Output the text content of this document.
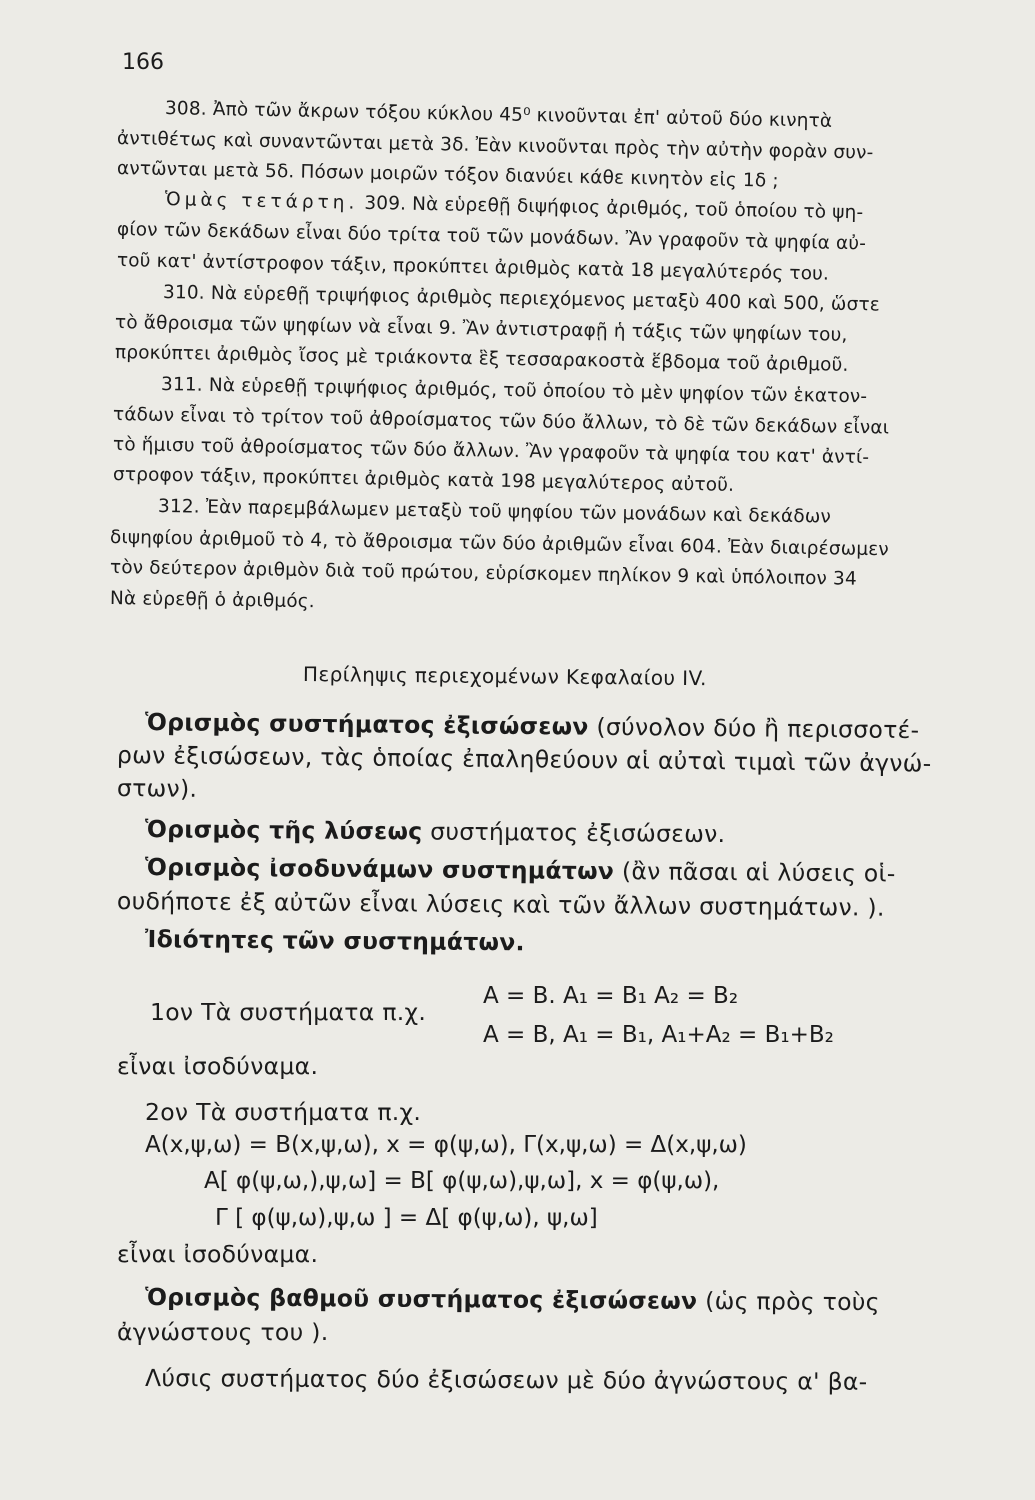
166
308. Ἀπὸ τῶν ἄκρων τόξου κύκλου 45⁰ κινοῦνται ἐπ' αὐτοῦ δύο κινητὰ
ἀντιθέτως καὶ συναντῶνται μετὰ 3δ. Ἐὰν κινοῦνται πρὸς τὴν αὐτὴν φορὰν συν-
αντῶνται μετὰ 5δ. Πόσων μοιρῶν τόξον διανύει κάθε κινητὸν εἰς 1δ ;
Ὁμὰς τετάρτη. 309. Νὰ εὑρεθῇ διψήφιος ἀριθμός, τοῦ ὁποίου τὸ ψη-
φίον τῶν δεκάδων εἶναι δύο τρίτα τοῦ τῶν μονάδων. Ἂν γραφοῦν τὰ ψηφία αὐ-
τοῦ κατ' ἀντίστροφον τάξιν, προκύπτει ἀριθμὸς κατὰ 18 μεγαλύτερός του.
310. Νὰ εὑρεθῇ τριψήφιος ἀριθμὸς περιεχόμενος μεταξὺ 400 καὶ 500, ὥστε
τὸ ἄθροισμα τῶν ψηφίων νὰ εἶναι 9. Ἂν ἀντιστραφῇ ἡ τάξις τῶν ψηφίων του,
προκύπτει ἀριθμὸς ἴσος μὲ τριάκοντα ἓξ τεσσαρακοστὰ ἕβδομα τοῦ ἀριθμοῦ.
311. Νὰ εὑρεθῇ τριψήφιος ἀριθμός, τοῦ ὁποίου τὸ μὲν ψηφίον τῶν ἑκατον-
τάδων εἶναι τὸ τρίτον τοῦ ἀθροίσματος τῶν δύο ἄλλων, τὸ δὲ τῶν δεκάδων εἶναι
τὸ ἥμισυ τοῦ ἀθροίσματος τῶν δύο ἄλλων. Ἂν γραφοῦν τὰ ψηφία του κατ' ἀντί-
στροφον τάξιν, προκύπτει ἀριθμὸς κατὰ 198 μεγαλύτερος αὐτοῦ.
312. Ἐὰν παρεμβάλωμεν μεταξὺ τοῦ ψηφίου τῶν μονάδων καὶ δεκάδων
διψηφίου ἀριθμοῦ τὸ 4, τὸ ἄθροισμα τῶν δύο ἀριθμῶν εἶναι 604. Ἐὰν διαιρέσωμεν
τὸν δεύτερον ἀριθμὸν διὰ τοῦ πρώτου, εὑρίσκομεν πηλίκον 9 καὶ ὑπόλοιπον 34
Νὰ εὑρεθῇ ὁ ἀριθμός.
Περίληψις περιεχομένων Κεφαλαίου IV.
Ὁρισμὸς συστήματος ἐξισώσεων (σύνολον δύο ἢ περισσοτέ-
ρων ἐξισώσεων, τὰς ὁποίας ἐπαληθεύουν αἱ αὐταὶ τιμαὶ τῶν ἀγνώ-
στων).
Ὁρισμὸς τῆς λύσεως συστήματος ἐξισώσεων.
Ὁρισμὸς ἰσοδυνάμων συστημάτων (ἂν πᾶσαι αἱ λύσεις οἱ-
ουδήποτε ἐξ αὐτῶν εἶναι λύσεις καὶ τῶν ἄλλων συστημάτων. ).
Ἰδιότητες τῶν συστημάτων.
1ον Τὰ συστήματα π.χ.
A = B. A₁ = B₁ A₂ = B₂
A = B, A₁ = B₁, A₁+A₂ = B₁+B₂
εἶναι ἰσοδύναμα.
2ον Τὰ συστήματα π.χ.
A(x,ψ,ω) = B(x,ψ,ω), x = φ(ψ,ω), Γ(x,ψ,ω) = Δ(x,ψ,ω)
A[ φ(ψ,ω,),ψ,ω] = B[ φ(ψ,ω),ψ,ω], x = φ(ψ,ω),
Γ [ φ(ψ,ω),ψ,ω ] = Δ[ φ(ψ,ω), ψ,ω]
εἶναι ἰσοδύναμα.
Ὁρισμὸς βαθμοῦ συστήματος ἐξισώσεων (ὡς πρὸς τοὺς
ἀγνώστους του ).
Λύσις συστήματος δύο ἐξισώσεων μὲ δύο ἀγνώστους α' βα-
